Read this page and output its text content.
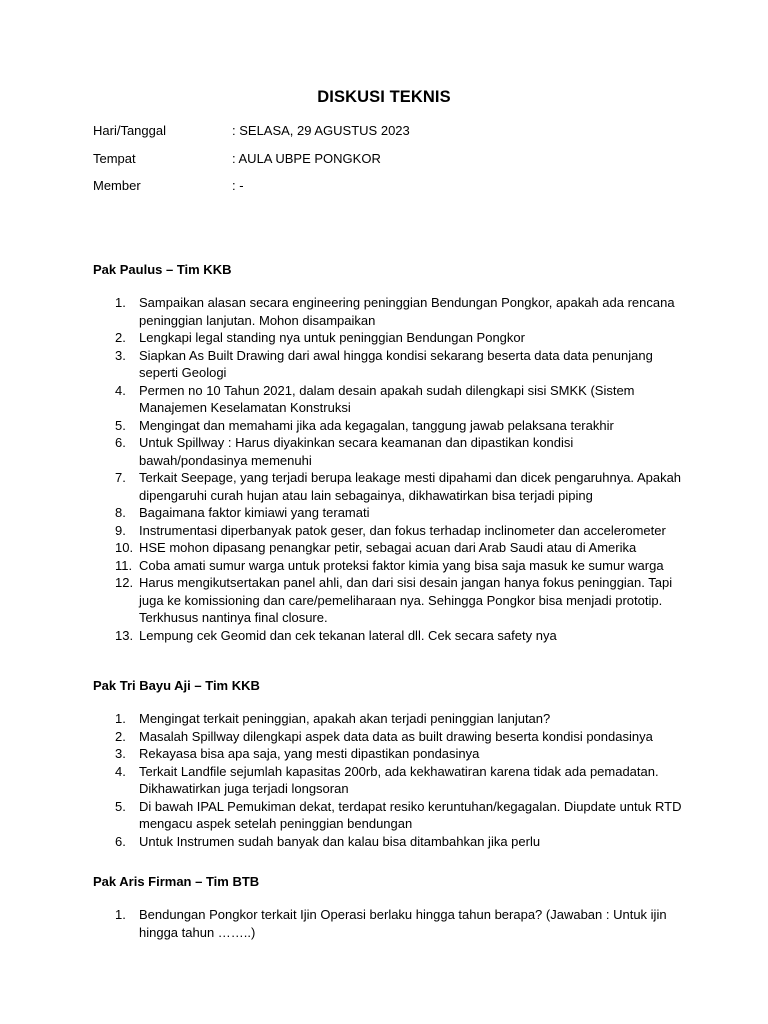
DISKUSI TEKNIS
Hari/Tanggal	: SELASA, 29 AGUSTUS 2023
Tempat	: AULA UBPE PONGKOR
Member	: -
Pak Paulus – Tim KKB
1. Sampaikan alasan secara engineering peninggian Bendungan Pongkor, apakah ada rencana peninggian lanjutan. Mohon disampaikan
2. Lengkapi legal standing nya untuk peninggian Bendungan Pongkor
3. Siapkan As Built Drawing dari awal hingga kondisi sekarang beserta data data penunjang seperti Geologi
4. Permen no 10 Tahun 2021, dalam desain apakah sudah dilengkapi sisi SMKK (Sistem Manajemen Keselamatan Konstruksi
5. Mengingat dan memahami jika ada kegagalan, tanggung jawab pelaksana terakhir
6. Untuk Spillway : Harus diyakinkan secara keamanan dan dipastikan kondisi bawah/pondasinya memenuhi
7. Terkait Seepage, yang terjadi berupa leakage mesti dipahami dan dicek pengaruhnya. Apakah dipengaruhi curah hujan atau lain sebagainya, dikhawatirkan bisa terjadi piping
8. Bagaimana faktor kimiawi yang teramati
9. Instrumentasi diperbanyak patok geser, dan fokus terhadap inclinometer dan accelerometer
10. HSE mohon dipasang penangkar petir, sebagai acuan dari Arab Saudi atau di Amerika
11. Coba amati sumur warga untuk proteksi faktor kimia yang bisa saja masuk ke sumur warga
12. Harus mengikutsertakan panel ahli, dan dari sisi desain jangan hanya fokus peninggian. Tapi juga ke komissioning dan care/pemeliharaan nya. Sehingga Pongkor bisa menjadi prototip. Terkhusus nantinya final closure.
13. Lempung cek Geomid dan cek tekanan lateral dll. Cek secara safety nya
Pak Tri Bayu Aji – Tim KKB
1. Mengingat terkait peninggian, apakah akan terjadi peninggian lanjutan?
2. Masalah Spillway dilengkapi aspek data data as built drawing beserta kondisi pondasinya
3. Rekayasa bisa apa saja, yang mesti dipastikan pondasinya
4. Terkait Landfile sejumlah kapasitas 200rb, ada kekhawatiran karena tidak ada pemadatan. Dikhawatirkan juga terjadi longsoran
5. Di bawah IPAL Pemukiman dekat, terdapat resiko keruntuhan/kegagalan. Diupdate untuk RTD mengacu aspek setelah peninggian bendungan
6. Untuk Instrumen sudah banyak dan kalau bisa ditambahkan jika perlu
Pak Aris Firman – Tim BTB
1. Bendungan Pongkor terkait Ijin Operasi berlaku hingga tahun berapa? (Jawaban : Untuk ijin hingga tahun ……..)
